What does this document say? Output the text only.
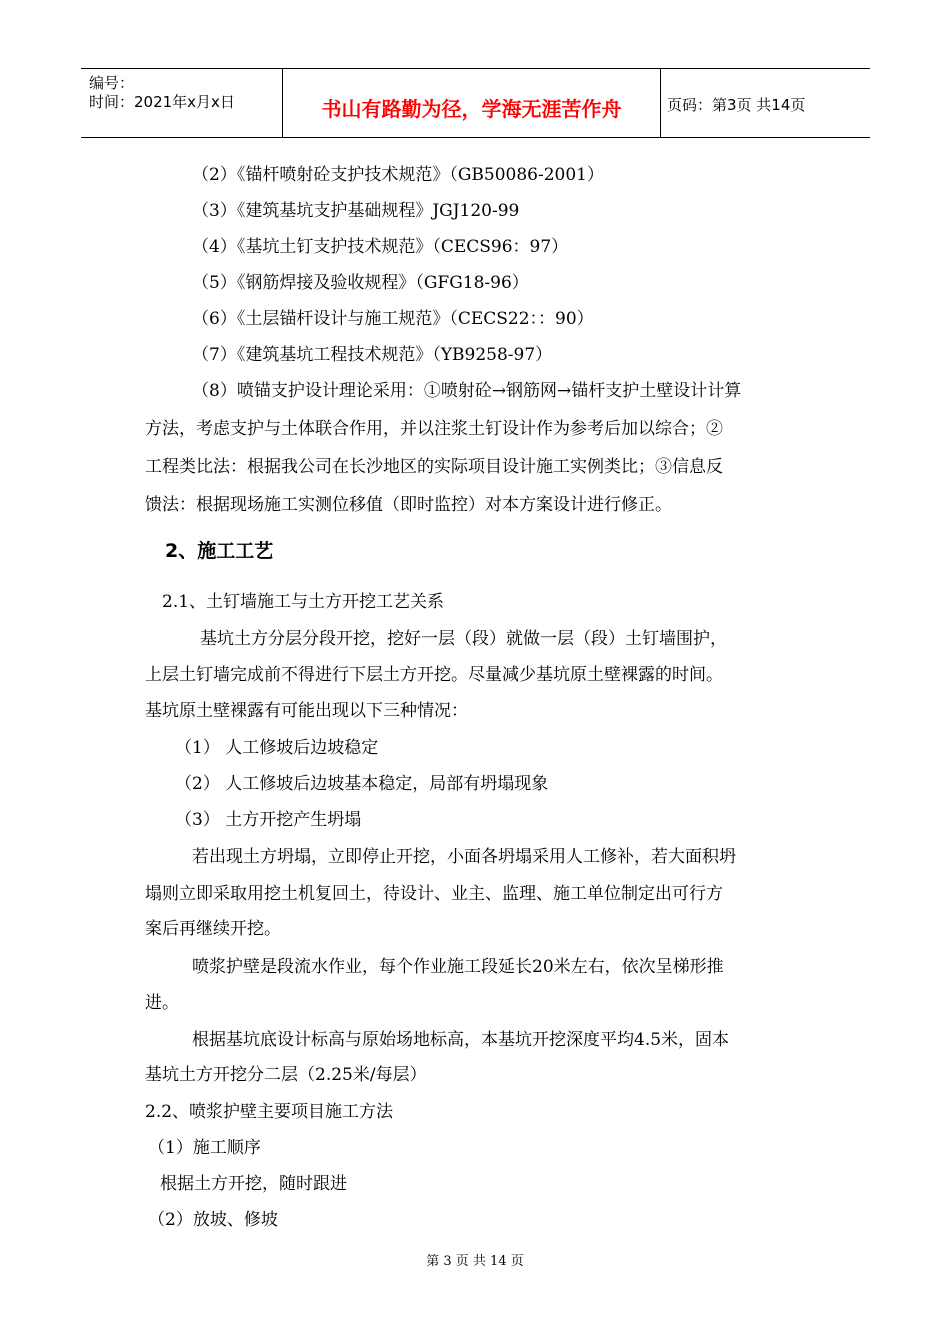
编号：
时间：2021年x月x日	书山有路勤为径，学海无涯苦作舟	页码：第3页 共14页
（2）《锚杆喷射砼支护技术规范》（GB50086-2001）
（3）《建筑基坑支护基础规程》JGJ120-99
（4）《基坑土钉支护技术规范》（CECS96：97）
（5）《钢筋焊接及验收规程》（GFG18-96）
（6）《土层锚杆设计与施工规范》（CECS22：：90）
（7）《建筑基坑工程技术规范》（YB9258-97）
（8）喷锚支护设计理论采用：①喷射砼→钢筋网→锚杆支护土壁设计计算
方法，考虑支护与土体联合作用，并以注浆土钉设计作为参考后加以综合；②
工程类比法：根据我公司在长沙地区的实际项目设计施工实例类比；③信息反
馈法：根据现场施工实测位移值（即时监控）对本方案设计进行修正。
2、施工工艺
2.1、土钉墙施工与土方开挖工艺关系
基坑土方分层分段开挖，挖好一层（段）就做一层（段）土钉墙围护，
上层土钉墙完成前不得进行下层土方开挖。尽量减少基坑原土壁裸露的时间。
基坑原土壁裸露有可能出现以下三种情况：
（1） 人工修坡后边坡稳定
（2） 人工修坡后边坡基本稳定，局部有坍塌现象
（3） 土方开挖产生坍塌
若出现土方坍塌，立即停止开挖，小面各坍塌采用人工修补，若大面积坍
塌则立即采取用挖土机复回土，待设计、业主、监理、施工单位制定出可行方
案后再继续开挖。
喷浆护壁是段流水作业，每个作业施工段延长20米左右，依次呈梯形推
进。
根据基坑底设计标高与原始场地标高，本基坑开挖深度平均4.5米，固本
基坑土方开挖分二层（2.25米/每层）
2.2、喷浆护壁主要项目施工方法
（1）施工顺序
根据土方开挖，随时跟进
（2）放坡、修坡
第 3 页 共 14 页
